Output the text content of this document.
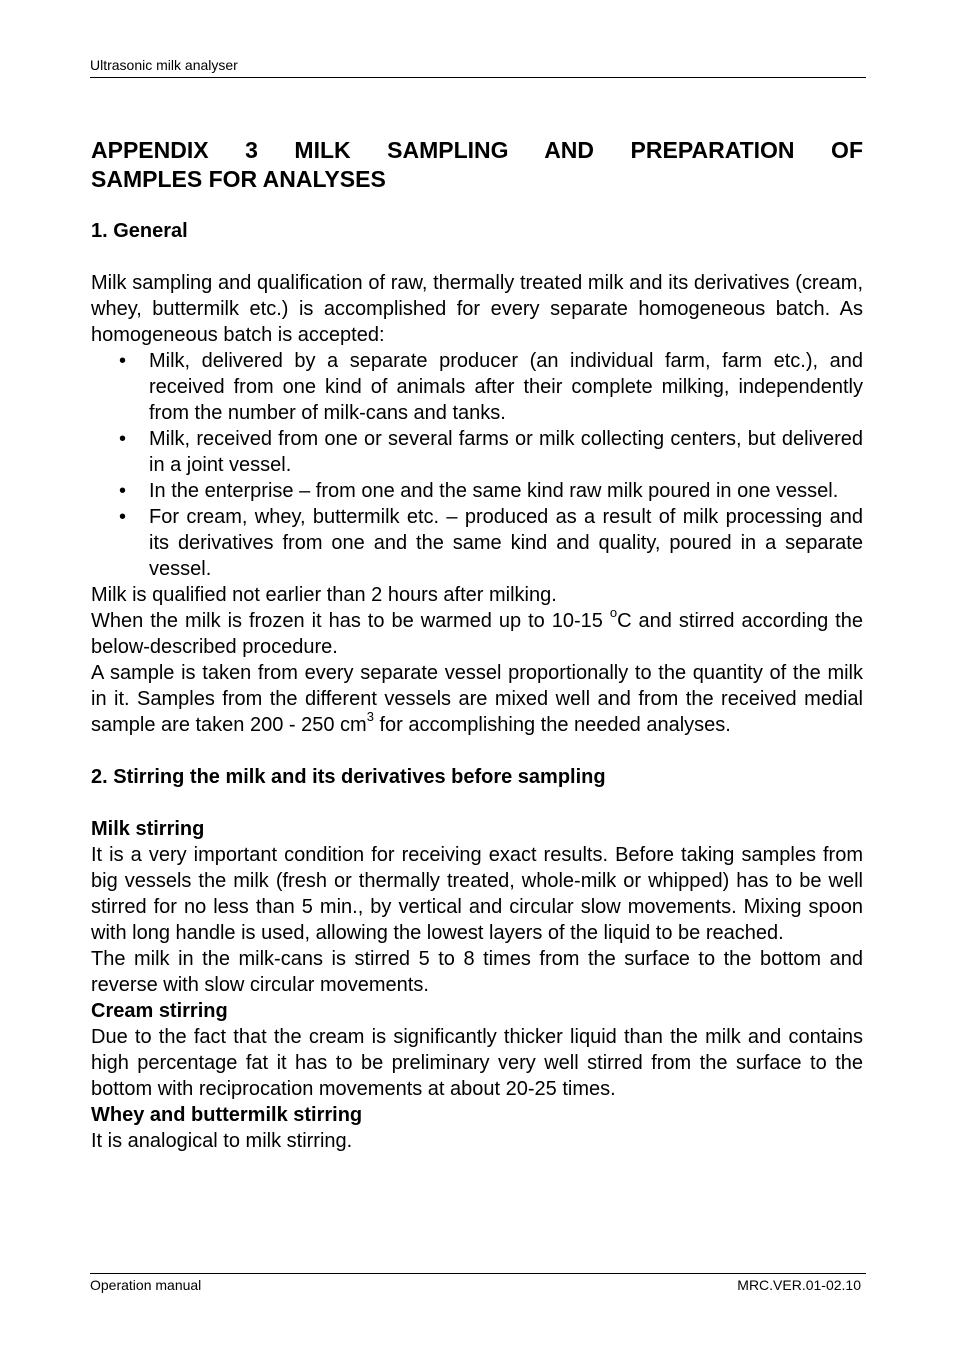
Ultrasonic milk analyser
APPENDIX 3 MILK SAMPLING AND PREPARATION OF
SAMPLES FOR ANALYSES
1. General

Milk sampling and qualification of raw, thermally treated milk and its derivatives (cream, whey, buttermilk etc.) is accomplished for every separate homogeneous batch. As homogeneous batch is accepted:

• Milk, delivered by a separate producer (an individual farm, farm etc.), and received from one kind of animals after their complete milking, independently from the number of milk-cans and tanks.
• Milk, received from one or several farms or milk collecting centers, but delivered in a joint vessel.
• In the enterprise – from one and the same kind raw milk poured in one vessel.
• For cream, whey, buttermilk etc. – produced as a result of milk processing and its derivatives from one and the same kind and quality, poured in a separate vessel.

Milk is qualified not earlier than 2 hours after milking.

When the milk is frozen it has to be warmed up to 10-15 $^o$C and stirred according the below-described procedure.

A sample is taken from every separate vessel proportionally to the quantity of the milk in it. Samples from the different vessels are mixed well and from the received medial sample are taken 200 - 250 $cm^3$ for accomplishing the needed analyses.

2. Stirring the milk and its derivatives before sampling
Milk stirring

It is a very important condition for receiving exact results. Before taking samples from big vessels the milk (fresh or thermally treated, whole-milk or whipped) has to be well stirred for no less than 5 min., by vertical and circular slow movements. Mixing spoon with long handle is used, allowing the lowest layers of the liquid to be reached.

The milk in the milk-cans is stirred 5 to 8 times from the surface to the bottom and reverse with slow circular movements.

Cream stirring

Due to the fact that the cream is significantly thicker liquid than the milk and contains high percentage fat it has to be preliminary very well stirred from the surface to the bottom with reciprocation movements at about 20-25 times.

Whey and buttermilk stirring

It is analogical to milk stirring.

Operation manual	MRC.VER.01-02.10
